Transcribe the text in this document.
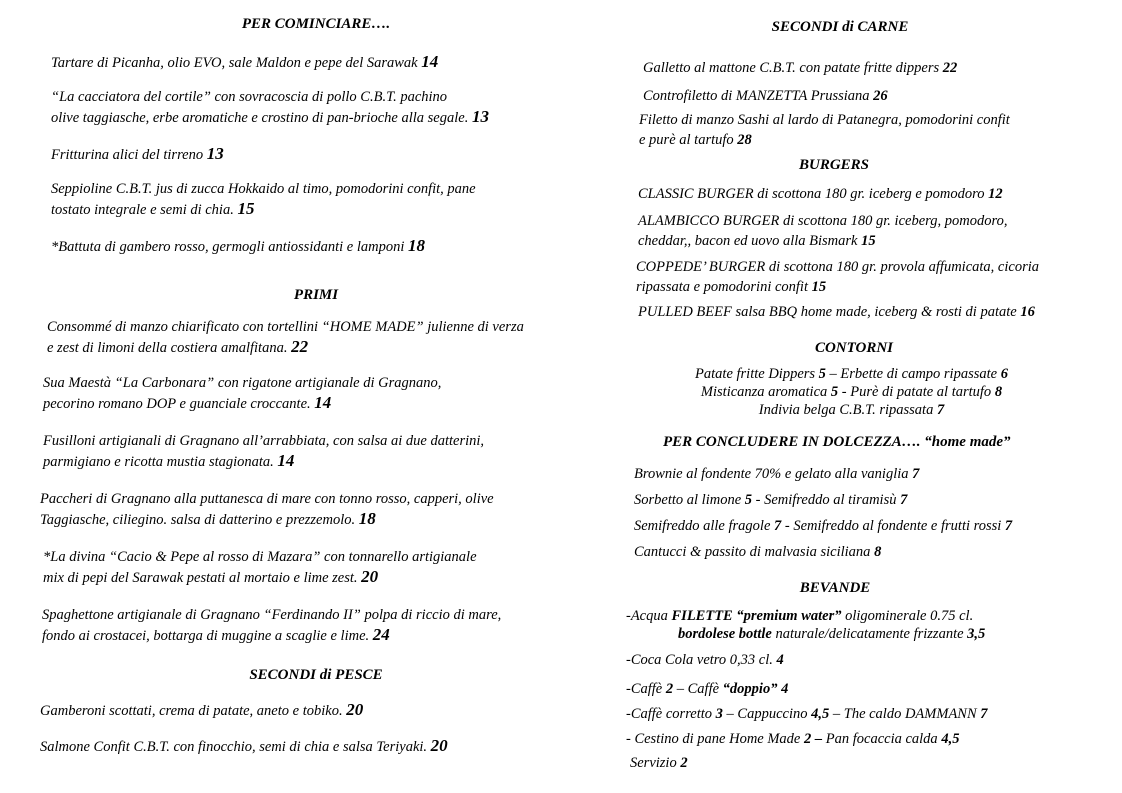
PER COMINCIARE….
Tartare di Picanha, olio EVO, sale Maldon e pepe del Sarawak 14
“La cacciatora del cortile” con sovracoscia di pollo C.B.T. pachino
olive taggiasche, erbe aromatiche e crostino di pan-brioche alla segale. 13
Fritturina alici del tirreno 13
Seppioline C.B.T. jus di zucca Hokkaido al timo, pomodorini confit, pane
tostato integrale e semi di chia. 15
*Battuta di gambero rosso, germogli antiossidanti e lamponi 18
PRIMI
Consommé di manzo chiarificato con tortellini “HOME MADE” julienne di verza
e zest di limoni della costiera amalfitana. 22
Sua Maestà “La Carbonara” con rigatone artigianale di Gragnano,
pecorino romano DOP e guanciale croccante. 14
Fusilloni artigianali di Gragnano all’arrabbiata, con salsa ai due datterini,
parmigiano e ricotta mustia stagionata. 14
Paccheri di Gragnano alla puttanesca di mare con tonno rosso, capperi, olive
Taggiasche, ciliegino. salsa di datterino e prezzemolo. 18
*La divina “Cacio & Pepe al rosso di Mazara” con tonnarello artigianale
mix di pepi del Sarawak pestati al mortaio e lime zest. 20
Spaghettone artigianale di Gragnano “Ferdinando II” polpa di riccio di mare,
fondo ai crostacei, bottarga di muggine a scaglie e lime. 24
SECONDI di PESCE
Gamberoni scottati, crema di patate, aneto e tobiko. 20
Salmone Confit C.B.T. con finocchio, semi di chia e salsa Teriyaki. 20
SECONDI di CARNE
Galletto al mattone C.B.T. con patate fritte dippers 22
Controfiletto di MANZETTA Prussiana 26
Filetto di manzo Sashi al lardo di Patanegra, pomodorini confit
e purè al tartufo 28
BURGERS
CLASSIC BURGER di scottona 180 gr. iceberg e pomodoro 12
ALAMBICCO BURGER di scottona 180 gr. iceberg, pomodoro,
cheddar,, bacon ed uovo alla Bismark 15
COPPEDE’ BURGER di scottona 180 gr. provola affumicata, cicoria
ripassata e pomodorini confit 15
PULLED BEEF salsa BBQ home made, iceberg & rosti di patate 16
CONTORNI
Patate fritte Dippers 5 – Erbette di campo ripassate 6
Misticanza aromatica 5 - Purè di patate al tartufo 8
Indivia belga C.B.T. ripassata 7
PER CONCLUDERE IN DOLCEZZA…. “home made”
Brownie al fondente 70% e gelato alla vaniglia 7
Sorbetto al limone 5 - Semifreddo al tiramisù 7
Semifreddo alle fragole 7 - Semifreddo al fondente e frutti rossi 7
Cantucci & passito di malvasia siciliana 8
BEVANDE
-Acqua FILETTE “premium water” oligominerale 0.75 cl.
bordolese bottle naturale/delicatamente frizzante 3,5
-Coca Cola vetro 0,33 cl. 4
-Caffè 2 – Caffè “doppio” 4
-Caffè corretto 3 – Cappuccino 4,5 – The caldo DAMMANN 7
- Cestino di pane Home Made 2 – Pan focaccia calda 4,5
Servizio 2
